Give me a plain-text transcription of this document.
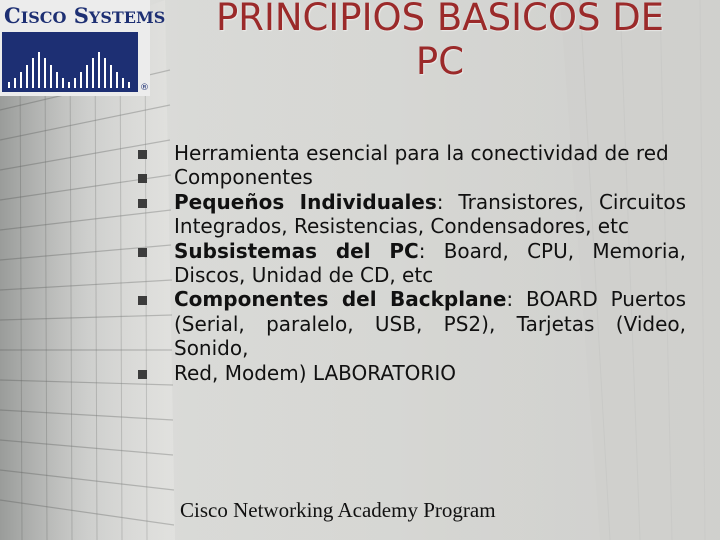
CISCO SYSTEMS
®
PRINCIPIOS BASICOS DE
PC
Herramienta esencial para la conectividad de red
Componentes
Pequeños Individuales: Transistores, Circuitos Integrados, Resistencias, Condensadores, etc
Subsistemas del PC: Board, CPU, Memoria, Discos, Unidad de CD, etc
Componentes del Backplane: BOARD Puertos (Serial, paralelo, USB, PS2), Tarjetas (Video, Sonido,
Red, Modem) LABORATORIO
Cisco Networking Academy Program
